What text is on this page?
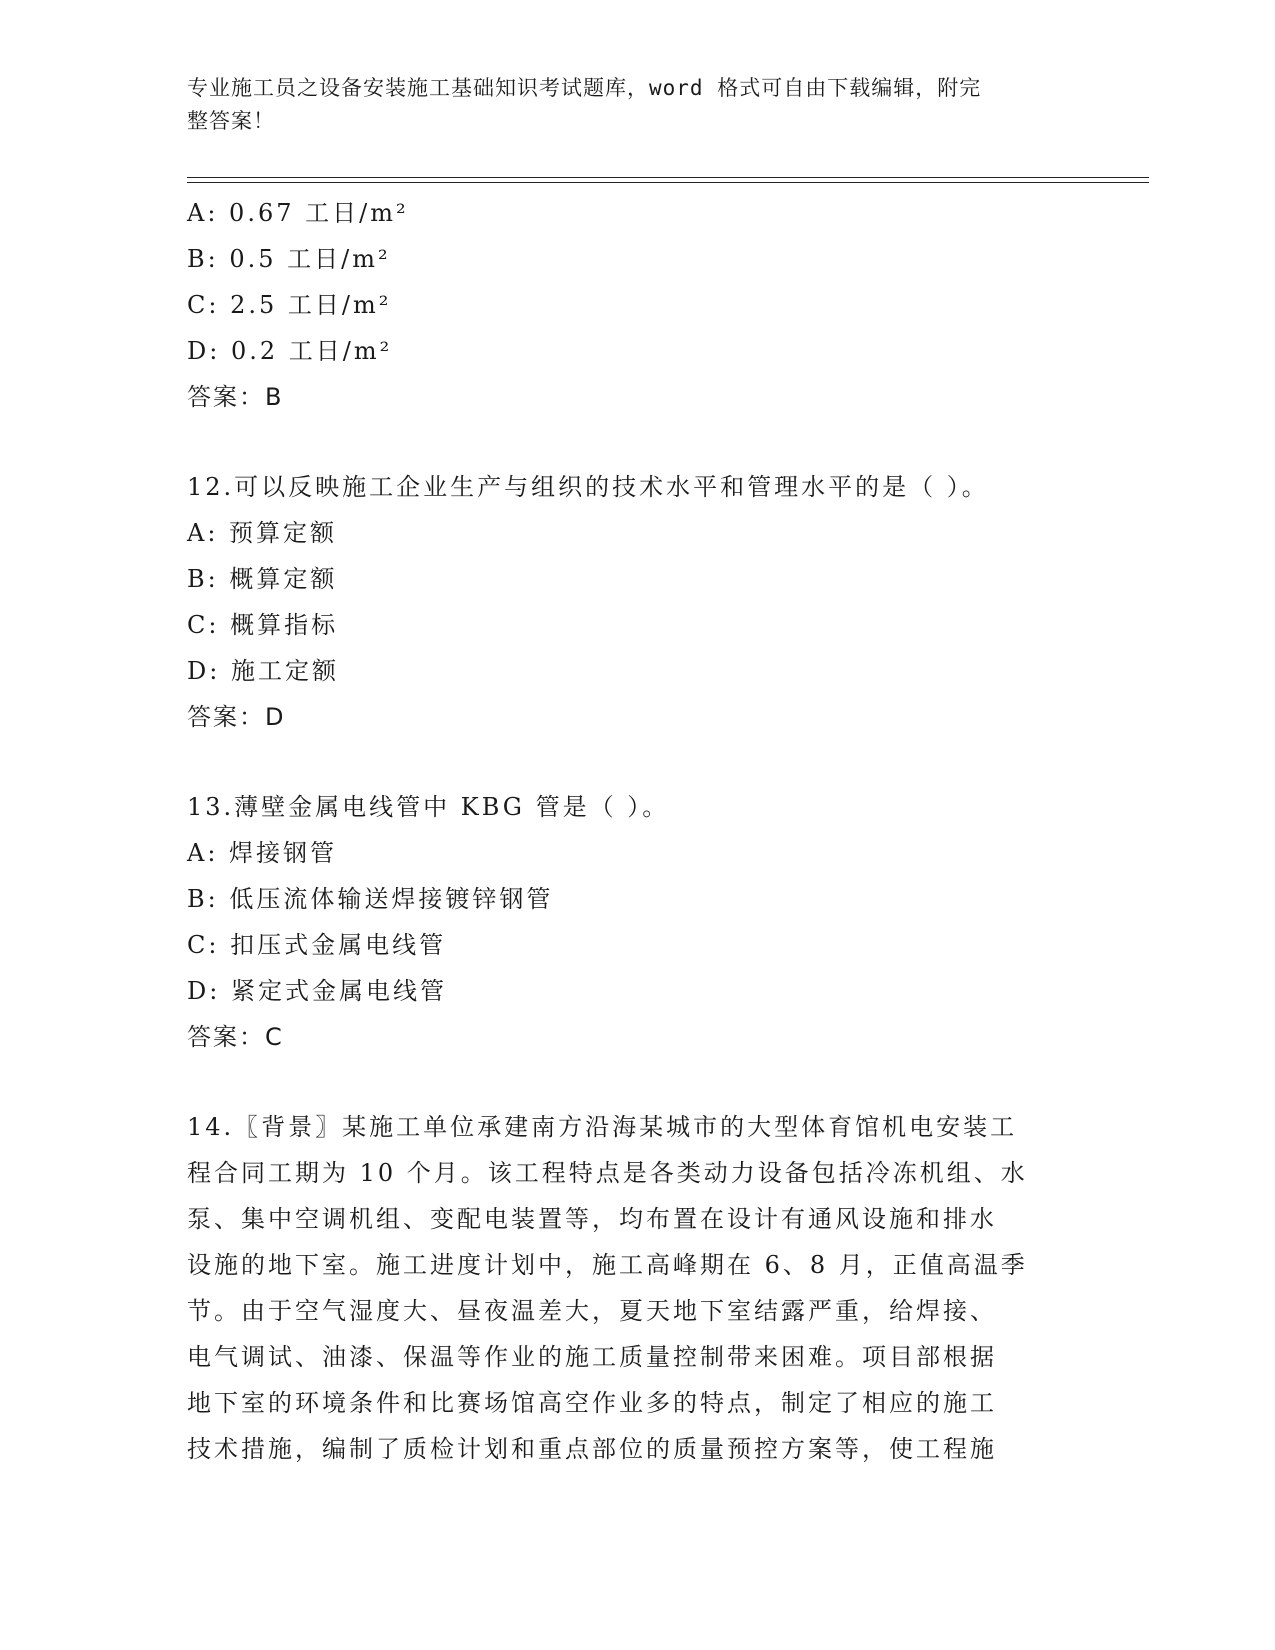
专业施工员之设备安装施工基础知识考试题库，word 格式可自由下载编辑，附完
整答案！
A: 0.67 工日/m²
B: 0.5 工日/m²
C: 2.5 工日/m²
D: 0.2 工日/m²
答案：B
12.可以反映施工企业生产与组织的技术水平和管理水平的是（ ）。
A: 预算定额
B: 概算定额
C: 概算指标
D: 施工定额
答案：D
13.薄壁金属电线管中 KBG 管是（ ）。
A: 焊接钢管
B: 低压流体输送焊接镀锌钢管
C: 扣压式金属电线管
D: 紧定式金属电线管
答案：C
14.〖背景〗某施工单位承建南方沿海某城市的大型体育馆机电安装工
程合同工期为 10 个月。该工程特点是各类动力设备包括冷冻机组、水
泵、集中空调机组、变配电装置等，均布置在设计有通风设施和排水
设施的地下室。施工进度计划中，施工高峰期在 6、8 月，正值高温季
节。由于空气湿度大、昼夜温差大，夏天地下室结露严重，给焊接、
电气调试、油漆、保温等作业的施工质量控制带来困难。项目部根据
地下室的环境条件和比赛场馆高空作业多的特点，制定了相应的施工
技术措施，编制了质检计划和重点部位的质量预控方案等，使工程施
